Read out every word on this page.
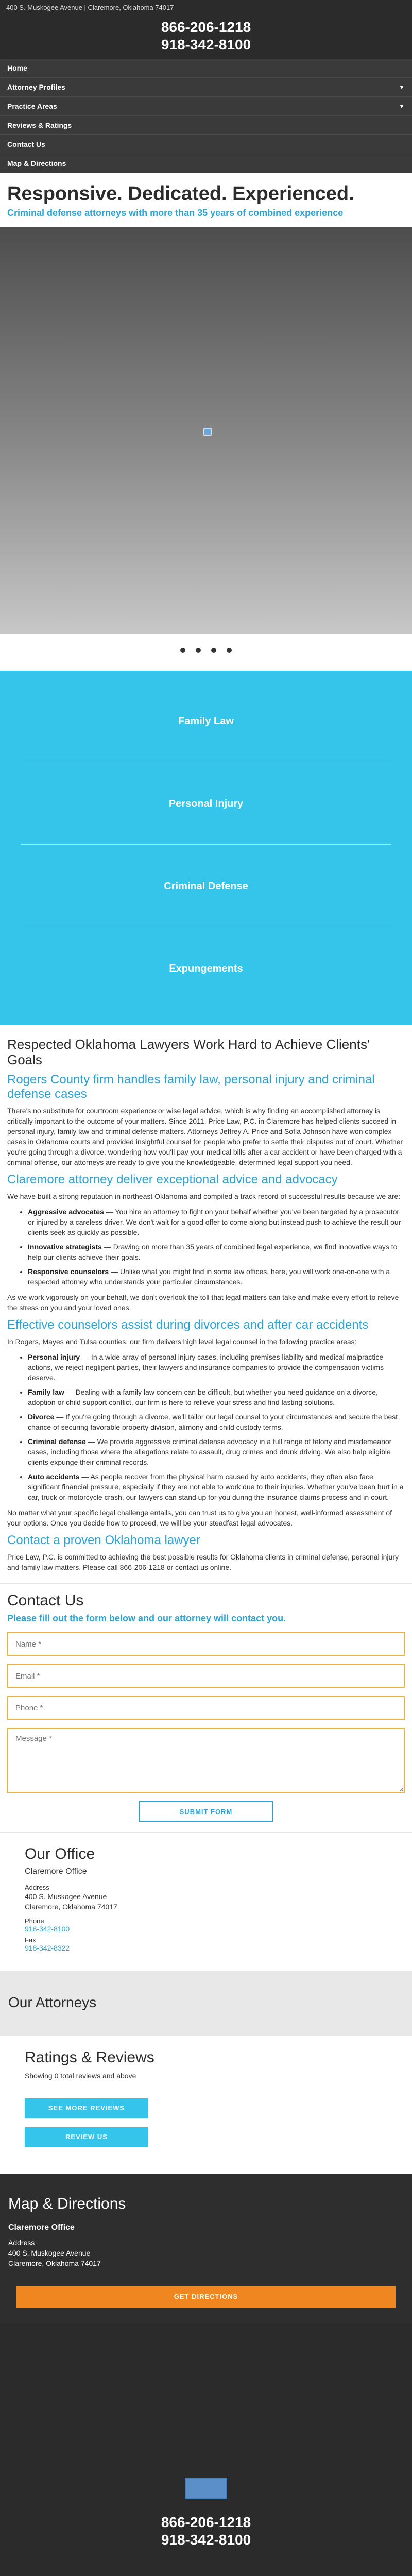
400 S. Muskogee Avenue | Claremore, Oklahoma 74017
866-206-1218
918-342-8100
Home
Attorney Profiles	▼
Practice Areas	▼
Reviews & Ratings
Contact Us
Map & Directions
Responsive. Dedicated. Experienced.

Criminal defense attorneys with more than 35 years of combined experience

Family Law
Personal Injury
Criminal Defense
Expungements
Respected Oklahoma Lawyers Work Hard to Achieve Clients' Goals
Rogers County firm handles family law, personal injury and criminal defense cases

There's no substitute for courtroom experience or wise legal advice, which is why finding an accomplished attorney is critically important to the outcome of your matters. Since 2011, Price Law, P.C. in Claremore has helped clients succeed in personal injury, family law and criminal defense matters. Attorneys Jeffrey A. Price and Sofia Johnson have won complex cases in Oklahoma courts and provided insightful counsel for people who prefer to settle their disputes out of court. Whether you're going through a divorce, wondering how you'll pay your medical bills after a car accident or have been charged with a criminal offense, our attorneys are ready to give you the knowledgeable, determined legal support you need.

Claremore attorney deliver exceptional advice and advocacy

We have built a strong reputation in northeast Oklahoma and compiled a track record of successful results because we are:

• Aggressive advocates — You hire an attorney to fight on your behalf whether you've been targeted by a prosecutor or injured by a careless driver. We don't wait for a good offer to come along but instead push to achieve the result our clients seek as quickly as possible.
• Innovative strategists — Drawing on more than 35 years of combined legal experience, we find innovative ways to help our clients achieve their goals.
• Responsive counselors — Unlike what you might find in some law offices, here, you will work one-on-one with a respected attorney who understands your particular circumstances.

As we work vigorously on your behalf, we don't overlook the toll that legal matters can take and make every effort to relieve the stress on you and your loved ones.

Effective counselors assist during divorces and after car accidents

In Rogers, Mayes and Tulsa counties, our firm delivers high level legal counsel in the following practice areas:

• Personal injury — In a wide array of personal injury cases, including premises liability and medical malpractice actions, we reject negligent parties, their lawyers and insurance companies to provide the compensation victims deserve.
• Family law — Dealing with a family law concern can be difficult, but whether you need guidance on a divorce, adoption or child support conflict, our firm is here to relieve your stress and find lasting solutions.
• Divorce — If you're going through a divorce, we'll tailor our legal counsel to your circumstances and secure the best chance of securing favorable property division, alimony and child custody terms.
• Criminal defense — We provide aggressive criminal defense advocacy in a full range of felony and misdemeanor cases, including those where the allegations relate to assault, drug crimes and drunk driving. We also help eligible clients expunge their criminal records.
• Auto accidents — As people recover from the physical harm caused by auto accidents, they often also face significant financial pressure, especially if they are not able to work due to their injuries. Whether you've been hurt in a car, truck or motorcycle crash, our lawyers can stand up for you during the insurance claims process and in court.

No matter what your specific legal challenge entails, you can trust us to give you an honest, well-informed assessment of your options. Once you decide how to proceed, we will be your steadfast legal advocates.

Contact a proven Oklahoma lawyer

Price Law, P.C. is committed to achieving the best possible results for Oklahoma clients in criminal defense, personal injury and family law matters. Please call 866-206-1218 or contact us online.

Contact Us

Please fill out the form below and our attorney will contact you.

Name *
Email *
Phone *
Message *
SUBMIT FORM
Our Office
Claremore Office
Address
400 S. Muskogee Avenue
Claremore, Oklahoma 74017
Phone
918-342-8100
Fax
918-342-8322
Our Attorneys
Ratings & Reviews

Showing 0 total reviews and above

SEE MORE REVIEWS
REVIEW US
Map & Directions
Claremore Office
Address
400 S. Muskogee Avenue
Claremore, Oklahoma 74017
GET DIRECTIONS
866-206-1218
918-342-8100
